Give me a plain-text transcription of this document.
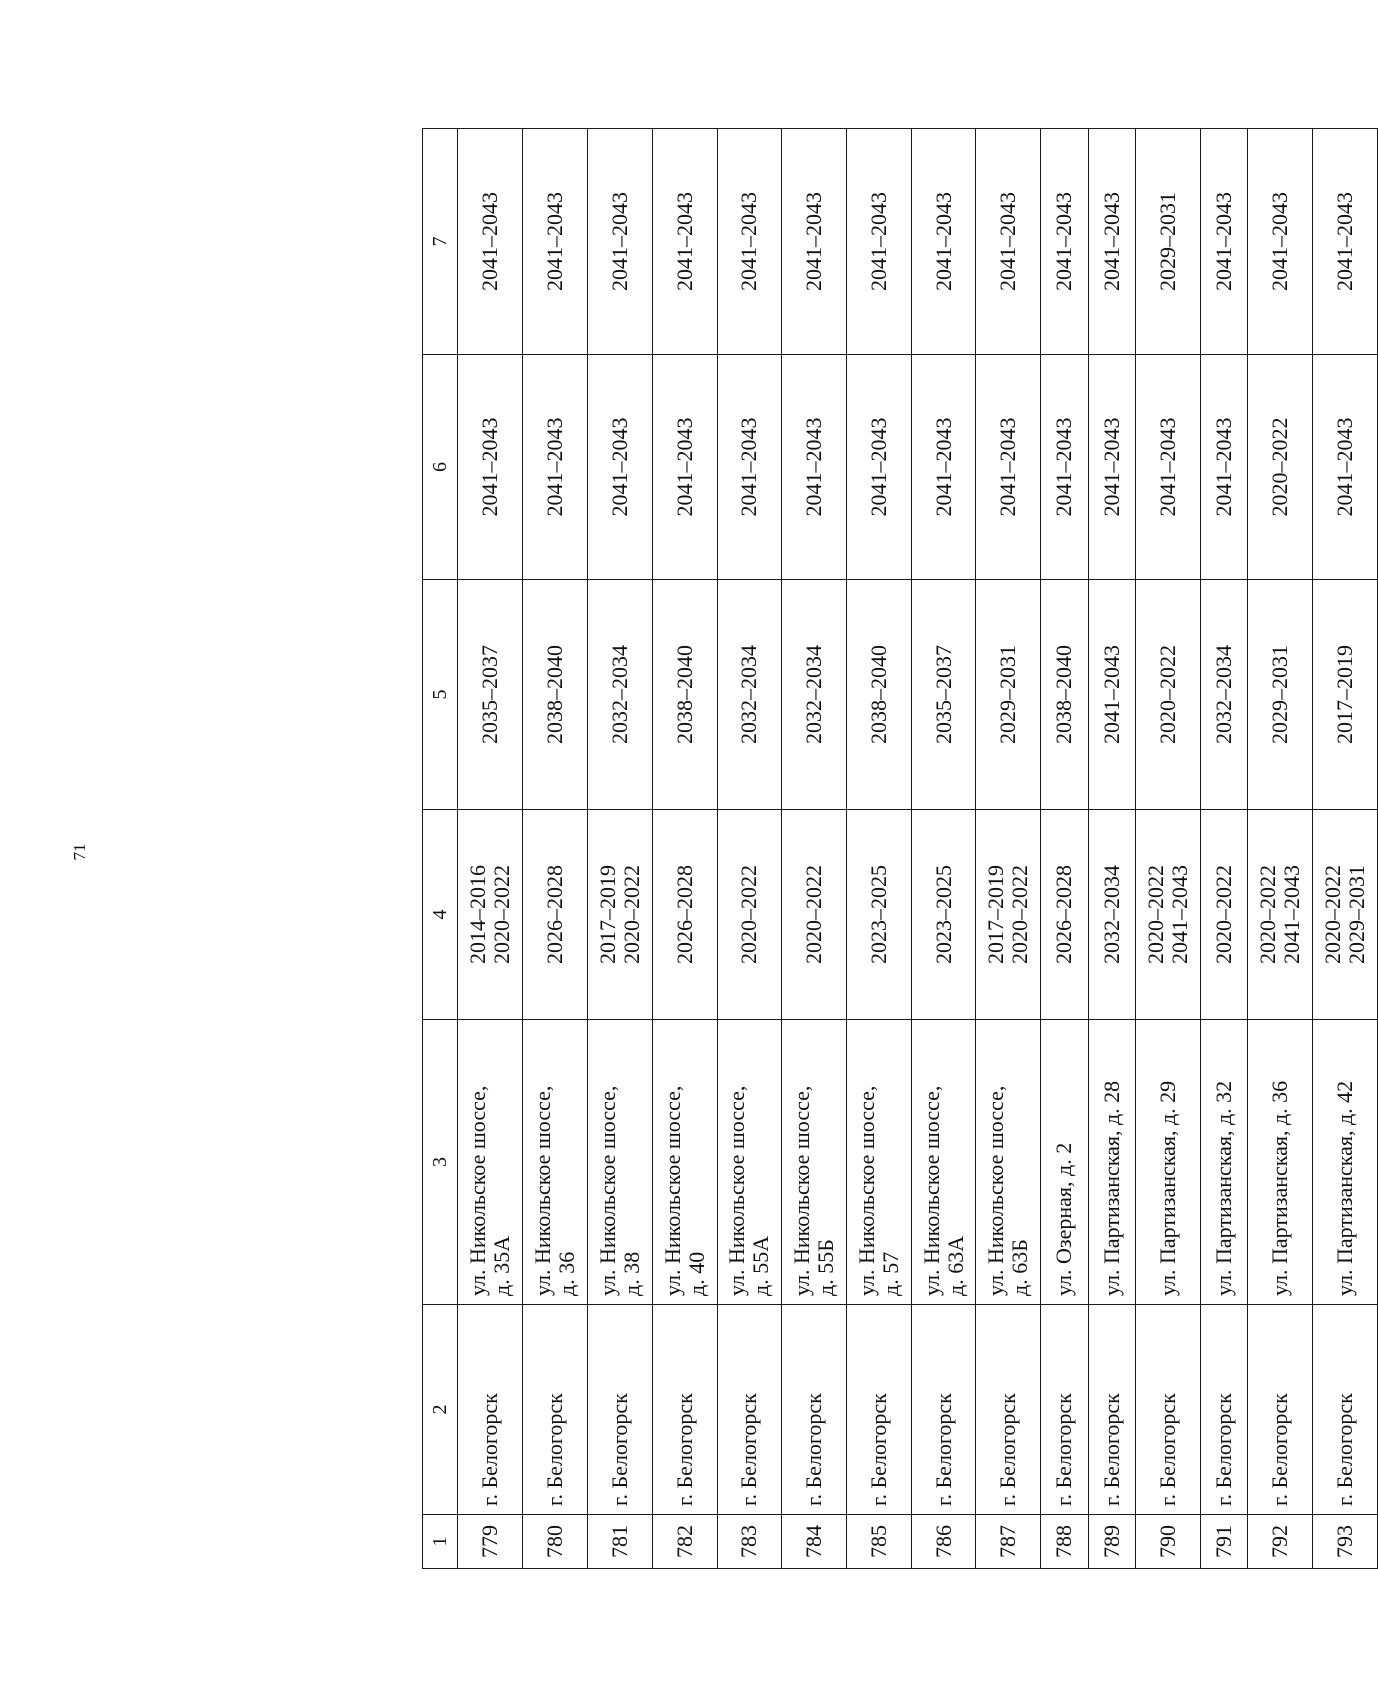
71
1	2	3	4	5	6	7
779	г. Белогорск	ул. Никольское шоссе, д. 35А	2014–2016 2020–2022	2035–2037	2041–2043	2041–2043
780	г. Белогорск	ул. Никольское шоссе, д. 36	2026–2028	2038–2040	2041–2043	2041–2043
781	г. Белогорск	ул. Никольское шоссе, д. 38	2017–2019 2020–2022	2032–2034	2041–2043	2041–2043
782	г. Белогорск	ул. Никольское шоссе, д. 40	2026–2028	2038–2040	2041–2043	2041–2043
783	г. Белогорск	ул. Никольское шоссе, д. 55А	2020–2022	2032–2034	2041–2043	2041–2043
784	г. Белогорск	ул. Никольское шоссе, д. 55Б	2020–2022	2032–2034	2041–2043	2041–2043
785	г. Белогорск	ул. Никольское шоссе, д. 57	2023–2025	2038–2040	2041–2043	2041–2043
786	г. Белогорск	ул. Никольское шоссе, д. 63А	2023–2025	2035–2037	2041–2043	2041–2043
787	г. Белогорск	ул. Никольское шоссе, д. 63Б	2017–2019 2020–2022	2029–2031	2041–2043	2041–2043
788	г. Белогорск	ул. Озерная, д. 2	2026–2028	2038–2040	2041–2043	2041–2043
789	г. Белогорск	ул. Партизанская, д. 28	2032–2034	2041–2043	2041–2043	2041–2043
790	г. Белогорск	ул. Партизанская, д. 29	2020–2022 2041–2043	2020–2022	2041–2043	2029–2031
791	г. Белогорск	ул. Партизанская, д. 32	2020–2022	2032–2034	2041–2043	2041–2043
792	г. Белогорск	ул. Партизанская, д. 36	2020–2022 2041–2043	2029–2031	2020–2022	2041–2043
793	г. Белогорск	ул. Партизанская, д. 42	2020–2022 2029–2031	2017–2019	2041–2043	2041–2043
